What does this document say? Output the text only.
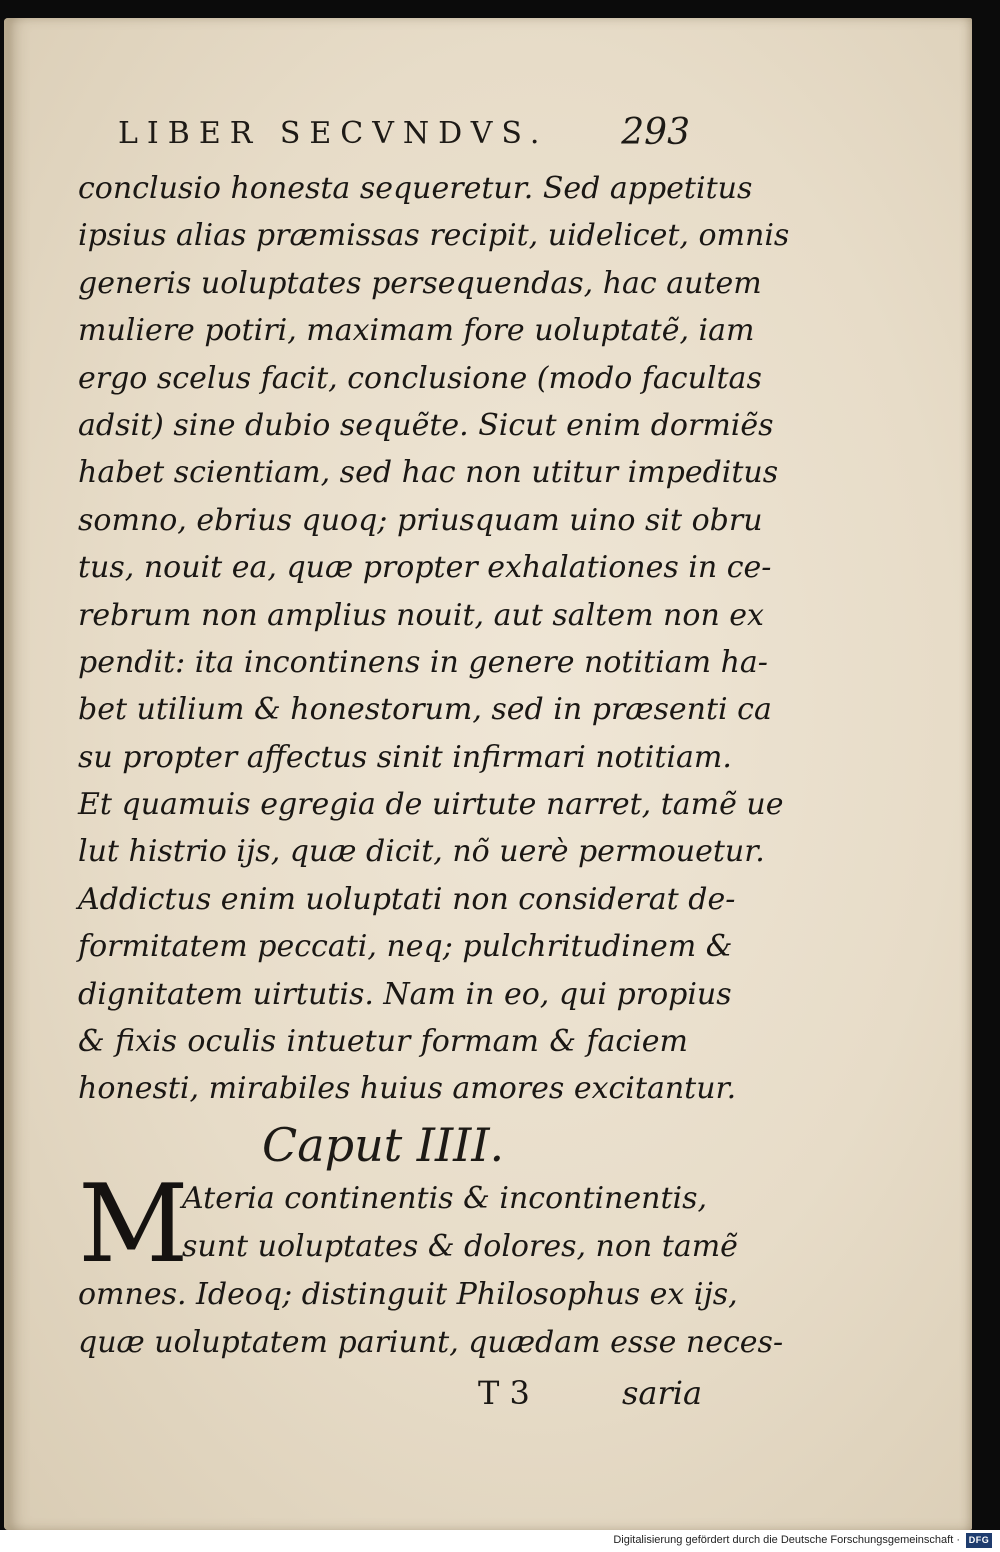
LIBER SECVNDVS. 293
conclusio honesta sequeretur. Sed appetitus
ipsius alias præmissas recipit, uidelicet, omnis
generis uoluptates persequendas, hac autem
muliere potiri, maximam fore uoluptatẽ, iam
ergo scelus facit, conclusione (modo facultas
adsit) sine dubio sequẽte. Sicut enim dormiẽs
habet scientiam, sed hac non utitur impeditus
somno, ebrius quoq; priusquam uino sit obru
tus, nouit ea, quæ propter exhalationes in ce-
rebrum non amplius nouit, aut saltem non ex
pendit: ita incontinens in genere notitiam ha-
bet utilium & honestorum, sed in præsenti ca
su propter affectus sinit infirmari notitiam.
Et quamuis egregia de uirtute narret, tamẽ ue
lut histrio ijs, quæ dicit, nõ uerè permouetur.
Addictus enim uoluptati non considerat de-
formitatem peccati, neq; pulchritudinem &
dignitatem uirtutis. Nam in eo, qui propius
& fixis oculis intuetur formam & faciem
honesti, mirabiles huius amores excitantur.
Caput IIII.
M
Ateria continentis & incontinentis,
sunt uoluptates & dolores, non tamẽ
omnes. Ideoq; distinguit Philosophus ex ijs,
quæ uoluptatem pariunt, quædam esse neces-
T 3	saria
Digitalisierung gefördert durch die Deutsche Forschungsgemeinschaft · DFG
